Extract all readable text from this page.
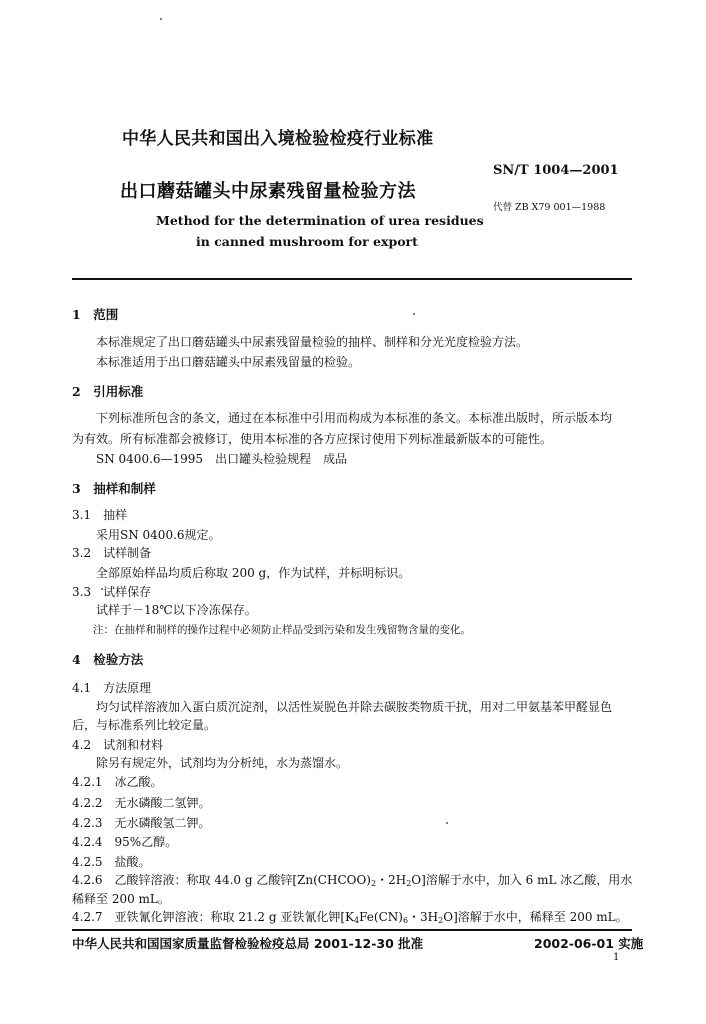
中华人民共和国出入境检验检疫行业标准
SN/T 1004—2001
出口蘑菇罐头中尿素残留量检验方法
代替 ZB X79 001—1988
Method for the determination of urea residues
in canned mushroom for export
1　范围
本标准规定了出口蘑菇罐头中尿素残留量检验的抽样、制样和分光光度检验方法。
本标准适用于出口蘑菇罐头中尿素残留量的检验。
2　引用标准
下列标准所包含的条文，通过在本标准中引用而构成为本标准的条文。本标准出版时，所示版本均
为有效。所有标准都会被修订，使用本标准的各方应探讨使用下列标准最新版本的可能性。
SN 0400.6—1995　出口罐头检验规程　成品
3　抽样和制样
3.1　抽样
采用SN 0400.6规定。
3.2　试样制备
全部原始样品均质后称取 200 g，作为试样，并标明标识。
3.3　试样保存
试样于－18℃以下冷冻保存。
注：在抽样和制样的操作过程中必须防止样品受到污染和发生残留物含量的变化。
4　检验方法
4.1　方法原理
均匀试样溶液加入蛋白质沉淀剂，以活性炭脱色并除去碳胺类物质干扰，用对二甲氨基苯甲醛显色
后，与标准系列比较定量。
4.2　试剂和材料
除另有规定外，试剂均为分析纯，水为蒸馏水。
4.2.1　冰乙酸。
4.2.2　无水磷酸二氢钾。
4.2.3　无水磷酸氢二钾。
4.2.4　95%乙醇。
4.2.5　盐酸。
4.2.6　乙酸锌溶液：称取 44.0 g 乙酸锌[$Zn(CHCOO)_2$・$2H_2O$]溶解于水中，加入 6 mL 冰乙酸，用水
稀释至 200 mL。
4.2.7　亚铁氰化钾溶液：称取 21.2 g 亚铁氰化钾[$K_4Fe(CN)_6$・$3H_2O$]溶解于水中，稀释至 200 mL。
中华人民共和国国家质量监督检验检疫总局 2001-12-30 批准	2002-06-01 实施
1
